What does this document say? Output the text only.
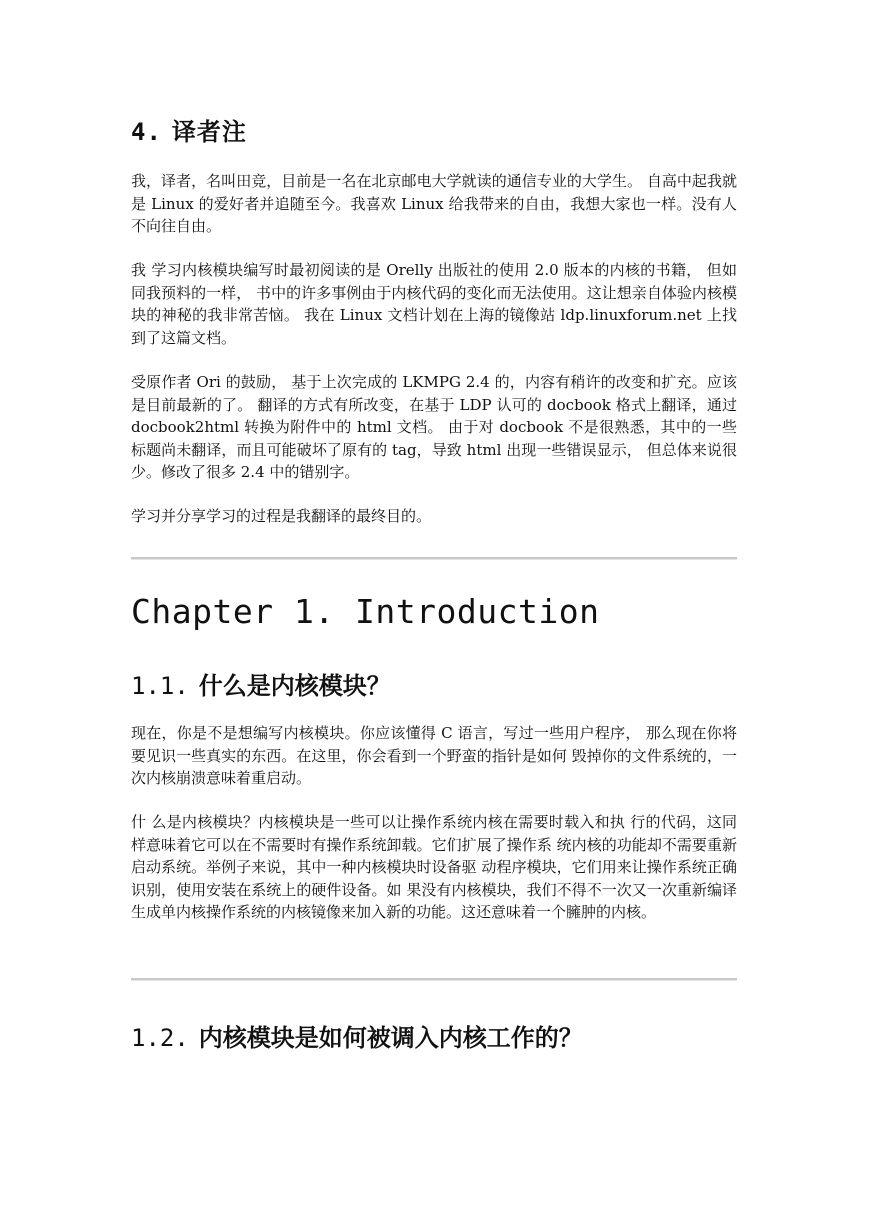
4. 译者注

我，译者，名叫田竞，目前是一名在北京邮电大学就读的通信专业的大学生。 自高中起我就是 Linux 的爱好者并追随至今。我喜欢 Linux 给我带来的自由，我想大家也一样。没有人不向往自由。

我 学习内核模块编写时最初阅读的是 Orelly 出版社的使用 2.0 版本的内核的书籍， 但如同我预料的一样， 书中的许多事例由于内核代码的变化而无法使用。这让想亲自体验内核模块的神秘的我非常苦恼。 我在 Linux 文档计划在上海的镜像站 ldp.linuxforum.net 上找到了这篇文档。

受原作者 Ori 的鼓励， 基于上次完成的 LKMPG 2.4 的，内容有稍许的改变和扩充。应该是目前最新的了。 翻译的方式有所改变，在基于 LDP 认可的 docbook 格式上翻译，通过 docbook2html 转换为附件中的 html 文档。 由于对 docbook 不是很熟悉，其中的一些标题尚未翻译，而且可能破坏了原有的 tag，导致 html 出现一些错误显示， 但总体来说很少。修改了很多 2.4 中的错别字。

学习并分享学习的过程是我翻译的最终目的。

Chapter 1. Introduction
1.1. 什么是内核模块？

现在，你是不是想编写内核模块。你应该懂得 C 语言，写过一些用户程序， 那么现在你将要见识一些真实的东西。在这里，你会看到一个野蛮的指针是如何 毁掉你的文件系统的，一次内核崩溃意味着重启动。

什 么是内核模块？内核模块是一些可以让操作系统内核在需要时载入和执 行的代码，这同样意味着它可以在不需要时有操作系统卸载。它们扩展了操作系 统内核的功能却不需要重新启动系统。举例子来说，其中一种内核模块时设备驱 动程序模块，它们用来让操作系统正确识别，使用安装在系统上的硬件设备。如 果没有内核模块，我们不得不一次又一次重新编译生成单内核操作系统的内核镜像来加入新的功能。这还意味着一个臃肿的内核。

1.2. 内核模块是如何被调入内核工作的？
